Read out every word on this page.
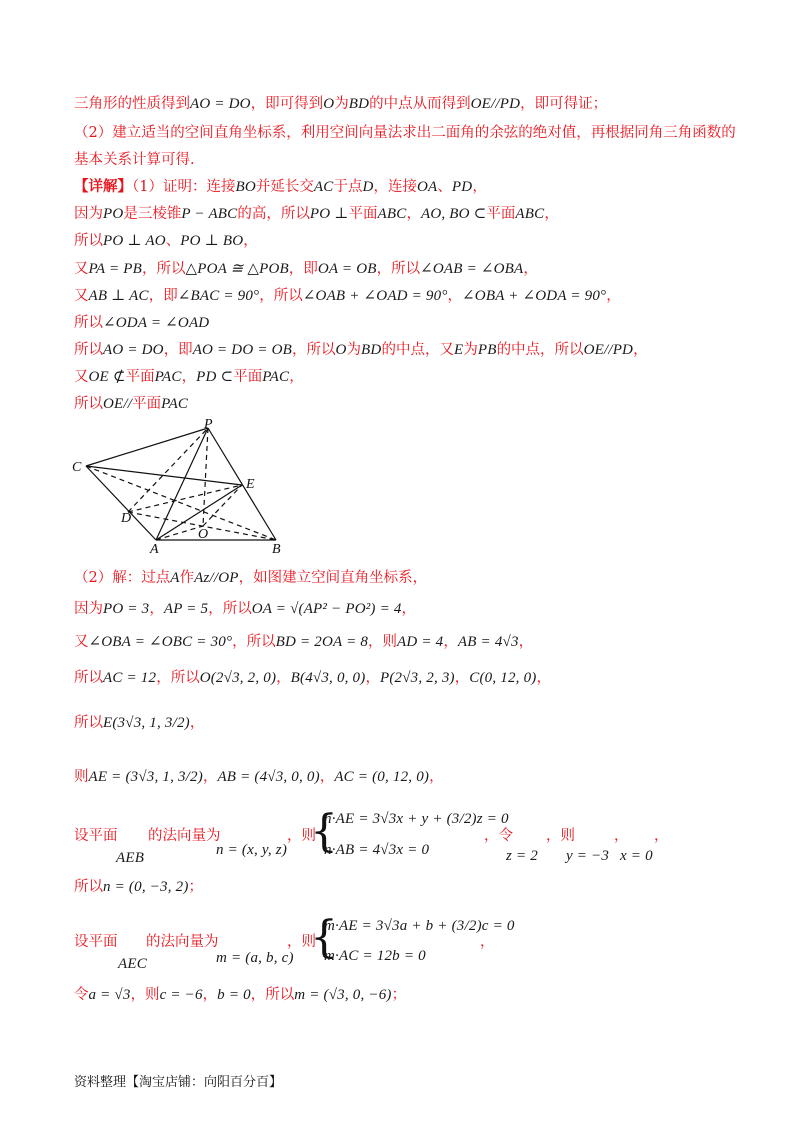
三角形的性质得到AO = DO，即可得到O为BD的中点从而得到OE//PD，即可得证；
（2）建立适当的空间直角坐标系，利用空间向量法求出二面角的余弦的绝对值，再根据同角三角函数的
基本关系计算可得.
【详解】（1）证明：连接BO并延长交AC于点D，连接OA、PD，
因为PO是三棱锥P − ABC的高，所以PO ⊥平面ABC，AO, BO ⊂平面ABC，
所以PO ⊥ AO、PO ⊥ BO，
又PA = PB，所以△POA ≅ △POB，即OA = OB，所以∠OAB = ∠OBA，
又AB ⊥ AC，即∠BAC = 90°，所以∠OAB + ∠OAD = 90°，∠OBA + ∠ODA = 90°，
所以∠ODA = ∠OAD
所以AO = DO，即AO = DO = OB，所以O为BD的中点，又E为PB的中点，所以OE//PD，
又OE ⊄平面PAC，PD ⊂平面PAC，
所以OE//平面PAC
P
C
E
D
O
A	B
（2）解：过点A作Az//OP，如图建立空间直角坐标系，
因为PO = 3，AP = 5，所以OA = √(AP² − PO²) = 4，
又∠OBA = ∠OBC = 30°，所以BD = 2OA = 8，则AD = 4，AB = 4√3，
所以AC = 12，所以O(2√3, 2, 0)，B(4√3, 0, 0)，P(2√3, 2, 3)，C(0, 12, 0)，
所以E(3√3, 1, 3/2)，
则AE = (3√3, 1, 3/2)，AB = (4√3, 0, 0)，AC = (0, 12, 0)，
设平面
AEB
的法向量为
n = (x, y, z)
，则
{
n·AE = 3√3x + y + (3/2)z = 0
n·AB = 4√3x = 0
，令
z = 2
，则
y = −3
，
x = 0
，
所以n = (0, −3, 2)；
设平面
AEC
的法向量为
m = (a, b, c)
，则
{
m·AE = 3√3a + b + (3/2)c = 0
m·AC = 12b = 0
，
令a = √3，则c = −6，b = 0，所以m = (√3, 0, −6)；
资料整理【淘宝店铺：向阳百分百】
